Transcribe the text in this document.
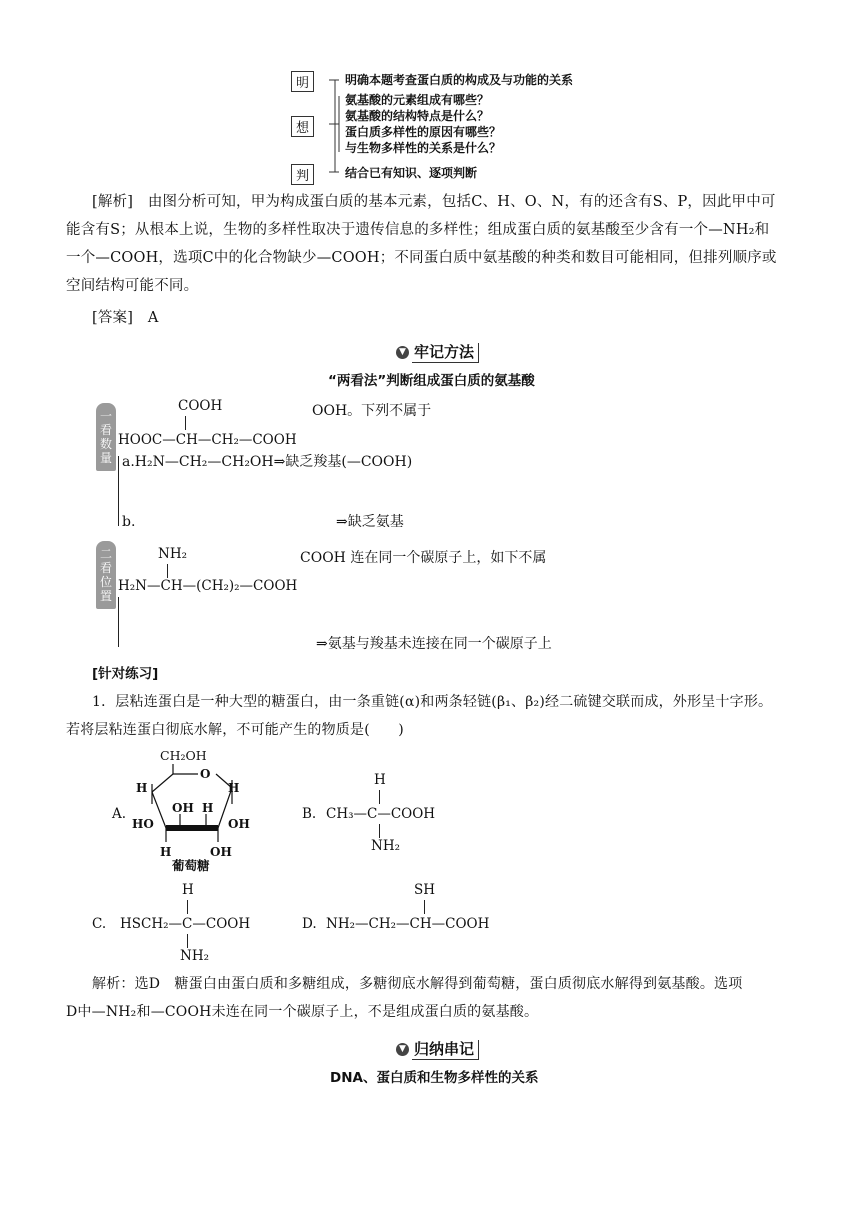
明	明确本题考查蛋白质的构成及与功能的关系
想
氨基酸的元素组成有哪些？
氨基酸的结构特点是什么？
蛋白质多样性的原因有哪些？
与生物多样性的关系是什么？
判	结合已有知识、逐项判断
[解析]　 由图分析可知，甲为构成蛋白质的基本元素，包括C、H、O、N，有的还含有S、P，因此甲中可
能含有S；从根本上说，生物的多样性取决于遗传信息的多样性；组成蛋白质的氨基酸至少含有一个—NH₂和
一个—COOH，选项C中的化合物缺少—COOH；不同蛋白质中氨基酸的种类和数目可能相同，但排列顺序或
空间结构可能不同。
[答案]　 A
▼ 牢记方法
“两看法”判断组成蛋白质的氨基酸
一看数量
COOH
HOOC—CH—CH₂—COOH
OOH。下列不属于
a.H₂N—CH₂—CH₂OH⇒缺乏羧基(—COOH)
b.	⇒缺乏氨基
二看位置
NH₂
H₂N—CH—(CH₂)₂—COOH
COOH 连在同一个碳原子上，如下不属
⇒氨基与羧基未连接在同一个碳原子上
[针对练习]
1．层粘连蛋白是一种大型的糖蛋白，由一条重链(α)和两条轻链(β₁、β₂)经二硫键交联而成，外形呈十字形。
若将层粘连蛋白彻底水解，不可能产生的物质是(　　)
A.
CH₂OH
O
H	H
OH H
HO	OH
H	OH
葡萄糖
B.
H
CH₃—C—COOH
NH₂
C.
H
HSCH₂—C—COOH
NH₂
D.
SH
NH₂—CH₂—CH—COOH
解析：选D　糖蛋白由蛋白质和多糖组成，多糖彻底水解得到葡萄糖，蛋白质彻底水解得到氨基酸。选项
D中—NH₂和—COOH未连在同一个碳原子上，不是组成蛋白质的氨基酸。
▼ 归纳串记
DNA、蛋白质和生物多样性的关系
